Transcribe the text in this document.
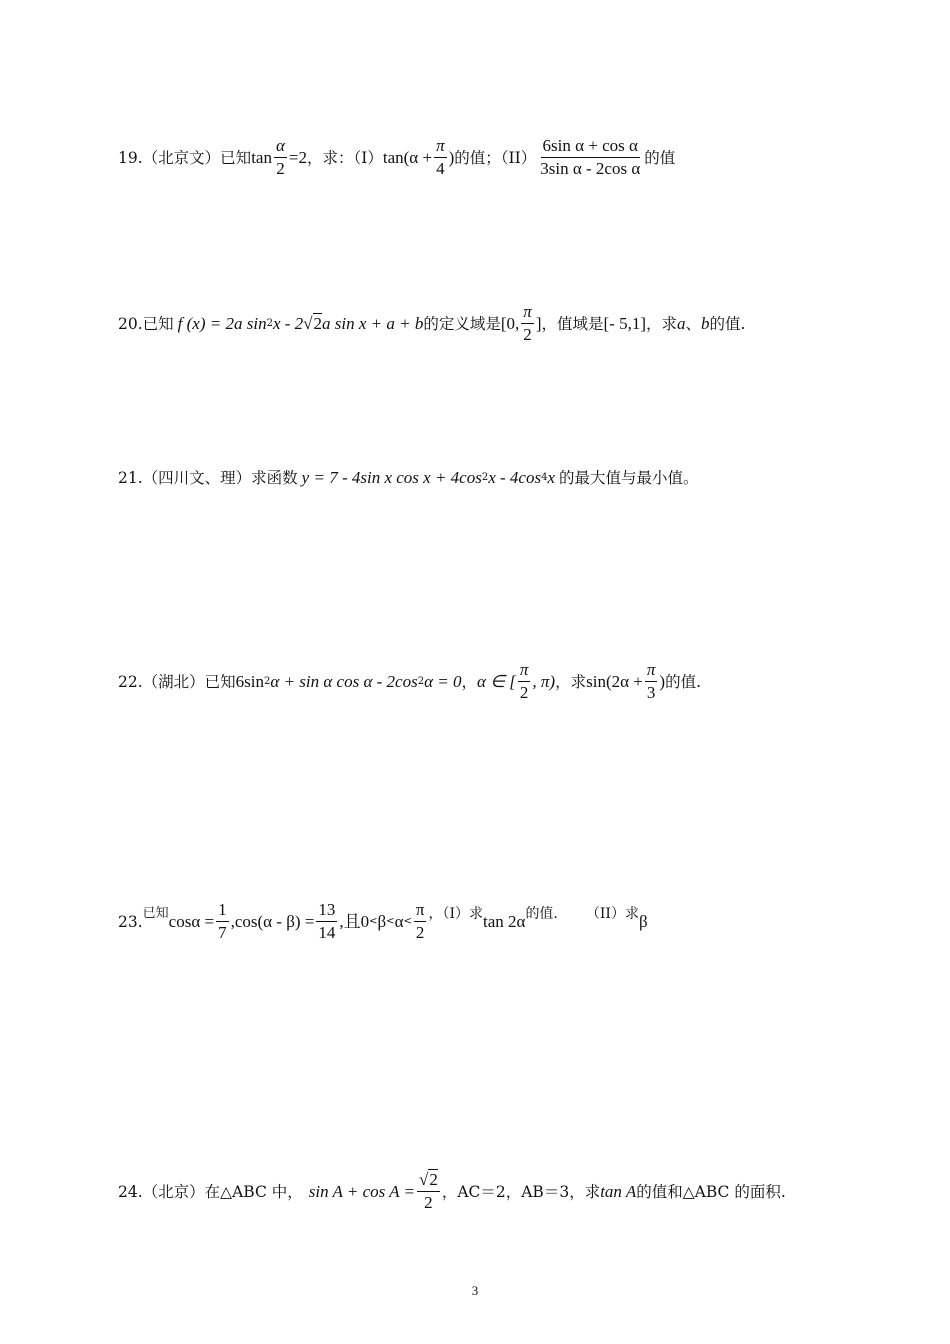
19. （北京文） 已知 $\tan \frac{\alpha}{2} =2$ ，求：（I） $\tan(\alpha + \frac{\pi}{4}$ ) 的值；$(II) \frac{\text{6sin α + cos α}}{\text{3sin α - 2cos α}}$ 的值
20. 已知 f (x) = 2a sin 2 x - 2 √ 2 a sin x + a + b 的定义域是 [0, $\frac{\pi}{2}$ ] ，值域是 [- 5,1] ，求 a 、 b 的值.
21. （四川文、理）求函数 y = 7 - 4sin x cos x + 4cos 2 x - 4cos 4 x 的最大值与最小值。
22. （湖北）已知 6sin 2 α + sin α cos α - 2cos 2 α = 0 ， α ∈ [ $\frac{\pi}{2}$ , π) ，求 $\sin(2\alpha + \frac{\pi}{3}$ ) 的值.
23. 已知 $\cos\alpha = \frac{1}{7} ,\cos(\alpha - \beta) = \frac{13}{14}$ ,且$0 < \beta < \alpha < \frac{\pi}{2}$ ，（I）求 tan 2α 的值. （II）求 β
24. （北京）在△ABC 中， $\sin A + \cos A = \frac{√2}{2}$ ，AC＝2，AB＝3，求 tan A 的值和△ABC 的面积.
3
